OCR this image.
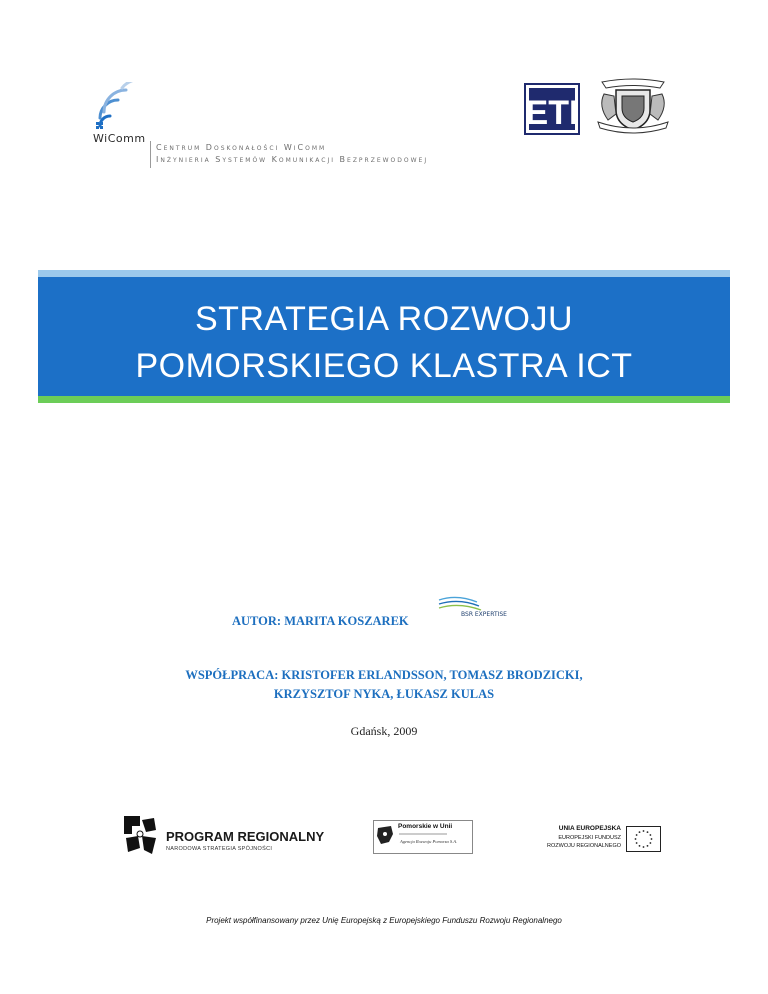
WiComm
Centrum Doskonałości WiComm
Inżynieria Systemów Komunikacji Bezprzewodowej
ETI
STRATEGIA ROZWOJU
POMORSKIEGO KLASTRA ICT
AUTOR: MARITA KOSZAREK	BSR EXPERTISE
WSPÓŁPRACA: KRISTOFER ERLANDSSON, TOMASZ BRODZICKI,
KRZYSZTOF NYKA, ŁUKASZ KULAS
Gdańsk, 2009
PROGRAM REGIONALNY
NARODOWA STRATEGIA SPÓJNOŚCI
Pomorskie w Unii
Agencja Rozwoju Pomorza S.A.
UNIA EUROPEJSKA
EUROPEJSKI FUNDUSZ
ROZWOJU REGIONALNEGO
Projekt współfinansowany przez Unię Europejską z Europejskiego Funduszu Rozwoju Regionalnego
